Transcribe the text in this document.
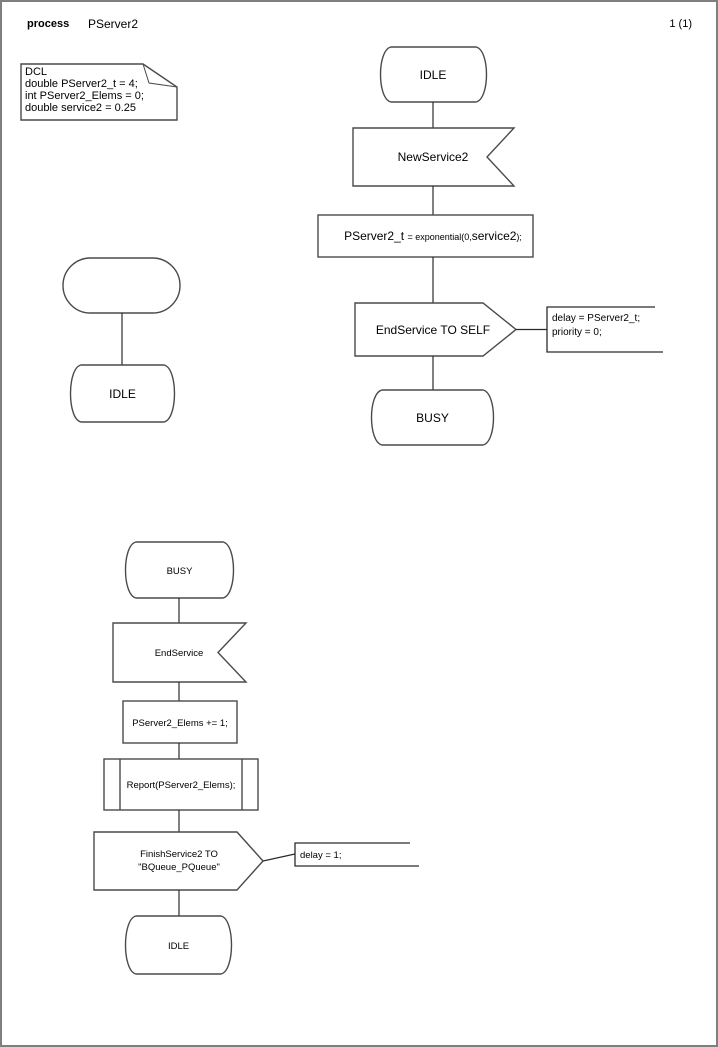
process PServer2	1 (1)
DCL
double PServer2_t = 4;
int PServer2_Elems = 0;
double service2 = 0.25
IDLE
NewService2
PServer2_t = exponential(0,service2);
EndService TO SELF
delay = PServer2_t;
priority = 0;
BUSY
IDLE
BUSY
EndService
PServer2_Elems += 1;
Report(PServer2_Elems);
FinishService2 TO
"BQueue_PQueue"
delay = 1;
IDLE
